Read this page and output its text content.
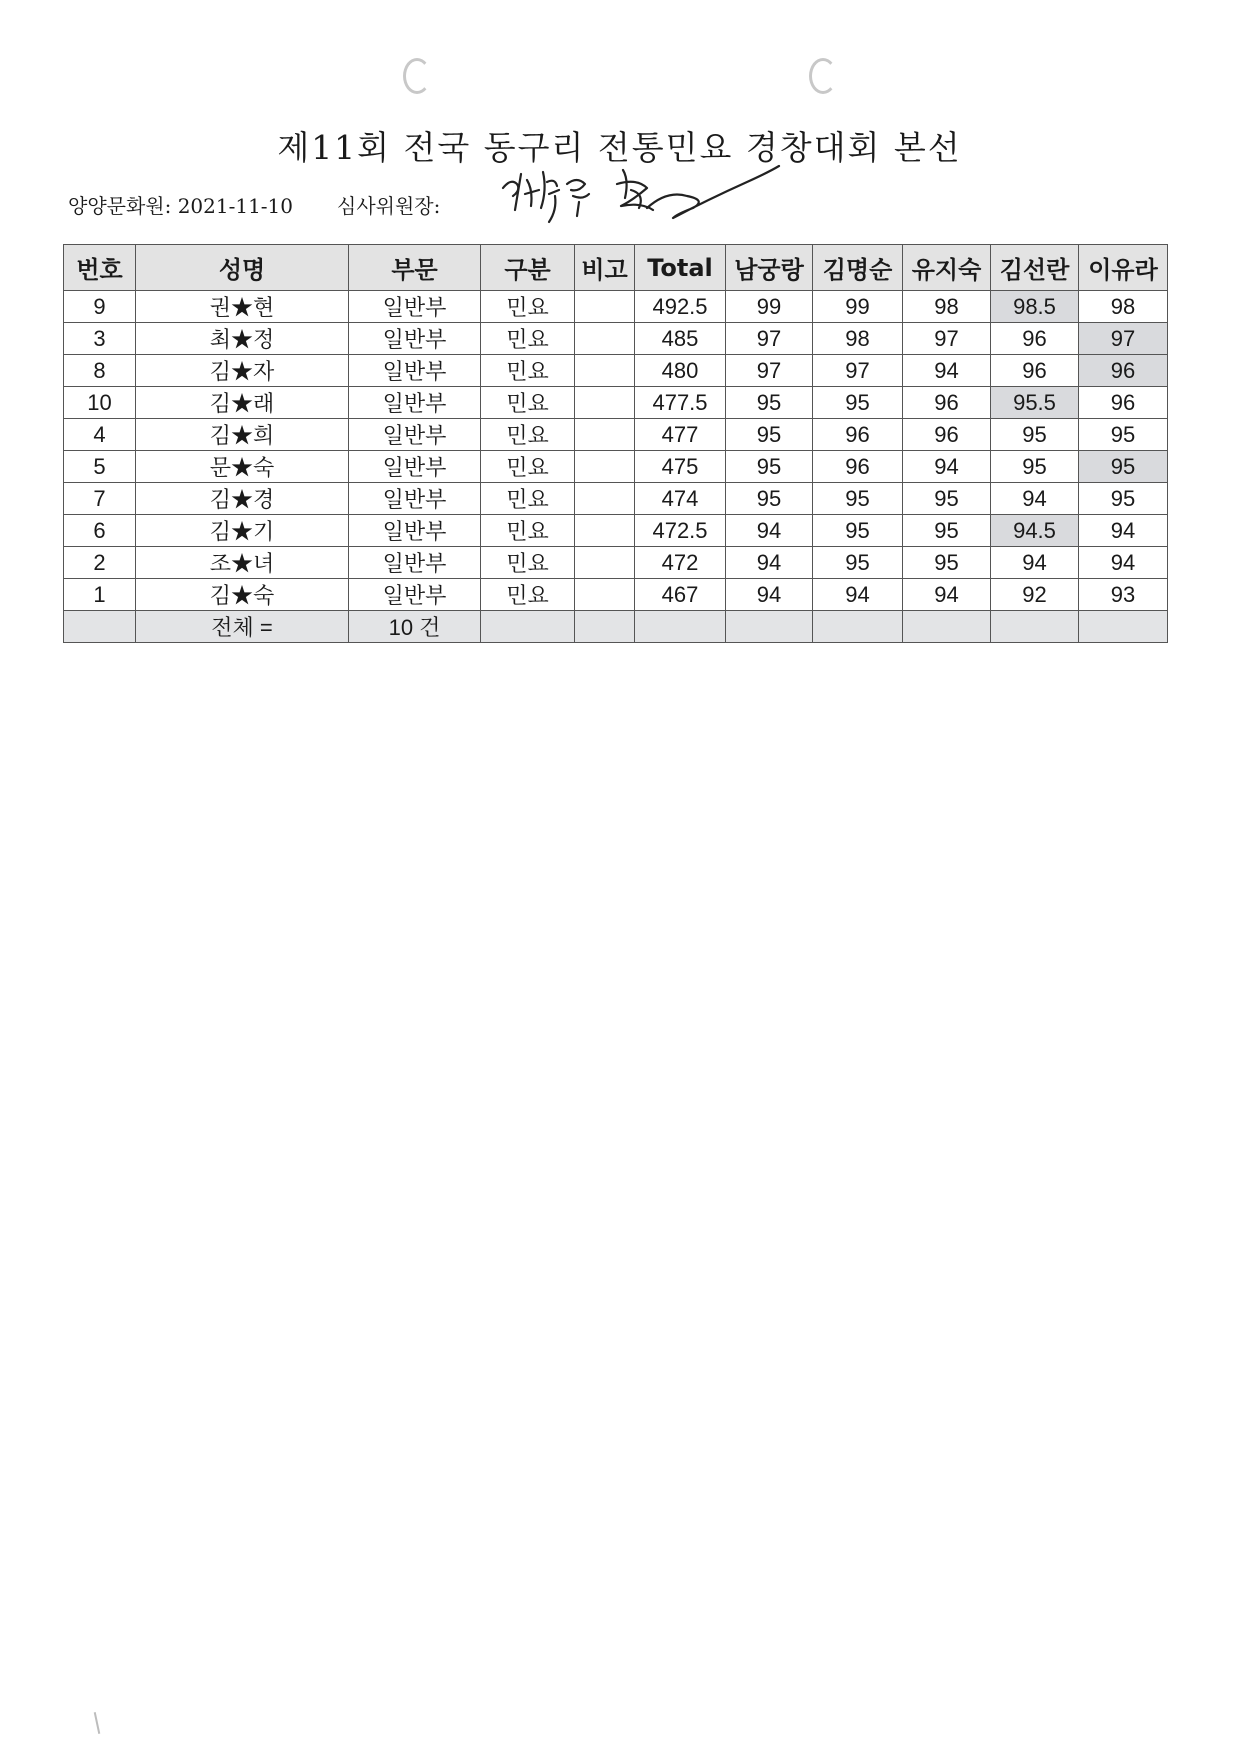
제11회 전국 동구리 전통민요 경창대회 본선
양양문화원: 2021-11-10 심사위원장:
번호	성명	부문	구분	비고	Total	남궁랑	김명순	유지숙	김선란	이유라
9	권★현	일반부	민요		492.5	99	99	98	98.5	98
3	최★정	일반부	민요		485	97	98	97	96	97
8	김★자	일반부	민요		480	97	97	94	96	96
10	김★래	일반부	민요		477.5	95	95	96	95.5	96
4	김★희	일반부	민요		477	95	96	96	95	95
5	문★숙	일반부	민요		475	95	96	94	95	95
7	김★경	일반부	민요		474	95	95	95	94	95
6	김★기	일반부	민요		472.5	94	95	95	94.5	94
2	조★녀	일반부	민요		472	94	95	95	94	94
1	김★숙	일반부	민요		467	94	94	94	92	93
	전체 =	10 건								
